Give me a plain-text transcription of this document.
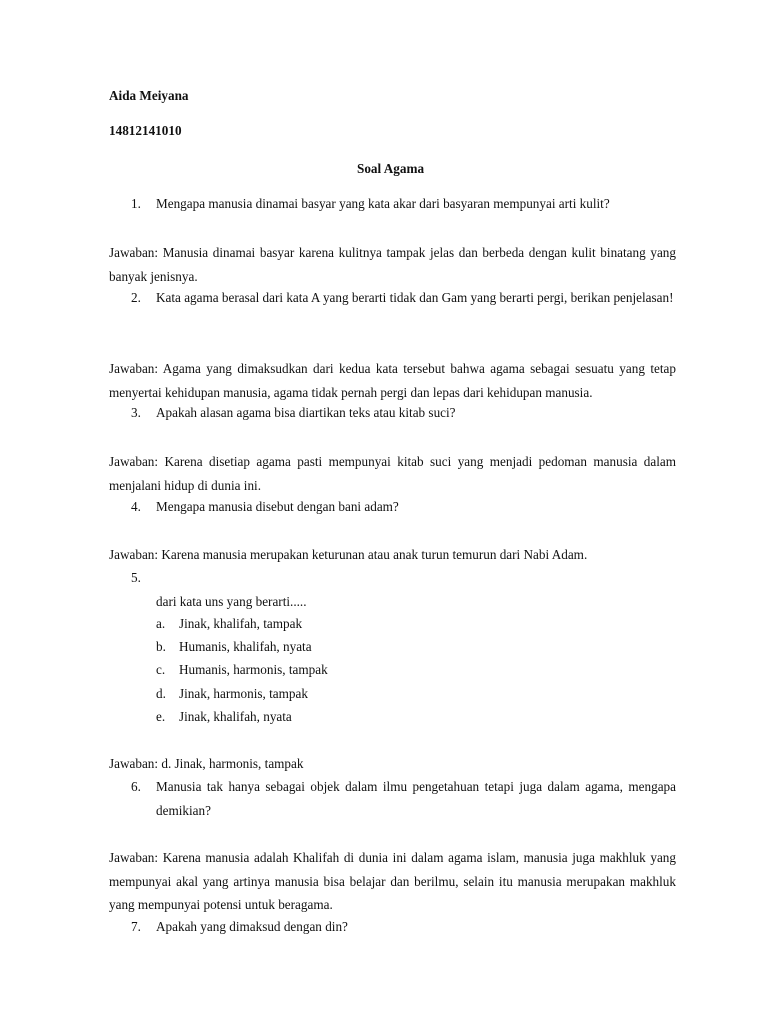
Aida Meiyana
14812141010
Soal Agama
1. Mengapa manusia dinamai basyar yang kata akar dari basyaran mempunyai arti kulit?

Jawaban: Manusia dinamai basyar karena kulitnya tampak jelas dan berbeda dengan kulit binatang yang banyak jenisnya.

2. Kata agama berasal dari kata A yang berarti tidak dan Gam yang berarti pergi, berikan penjelasan!

Jawaban: Agama yang dimaksudkan dari kedua kata tersebut bahwa agama sebagai sesuatu yang tetap menyertai kehidupan manusia, agama tidak pernah pergi dan lepas dari kehidupan manusia.

3. Apakah alasan agama bisa diartikan teks atau kitab suci?

Jawaban: Karena disetiap agama pasti mempunyai kitab suci yang menjadi pedoman manusia dalam menjalani hidup di dunia ini.

4. Mengapa manusia disebut dengan bani adam?

Jawaban: Karena manusia merupakan keturunan atau anak turun temurun dari Nabi Adam.

5.
dari kata uns yang berarti.....
a. Jinak, khalifah, tampak
b. Humanis, khalifah, nyata
c. Humanis, harmonis, tampak
d. Jinak, harmonis, tampak
e. Jinak, khalifah, nyata

Jawaban: d. Jinak, harmonis, tampak

6. Manusia tak hanya sebagai objek dalam ilmu pengetahuan tetapi juga dalam agama, mengapa demikian?

Jawaban: Karena manusia adalah Khalifah di dunia ini dalam agama islam, manusia juga makhluk yang mempunyai akal yang artinya manusia bisa belajar dan berilmu, selain itu manusia merupakan makhluk yang mempunyai potensi untuk beragama.

7. Apakah yang dimaksud dengan din?
